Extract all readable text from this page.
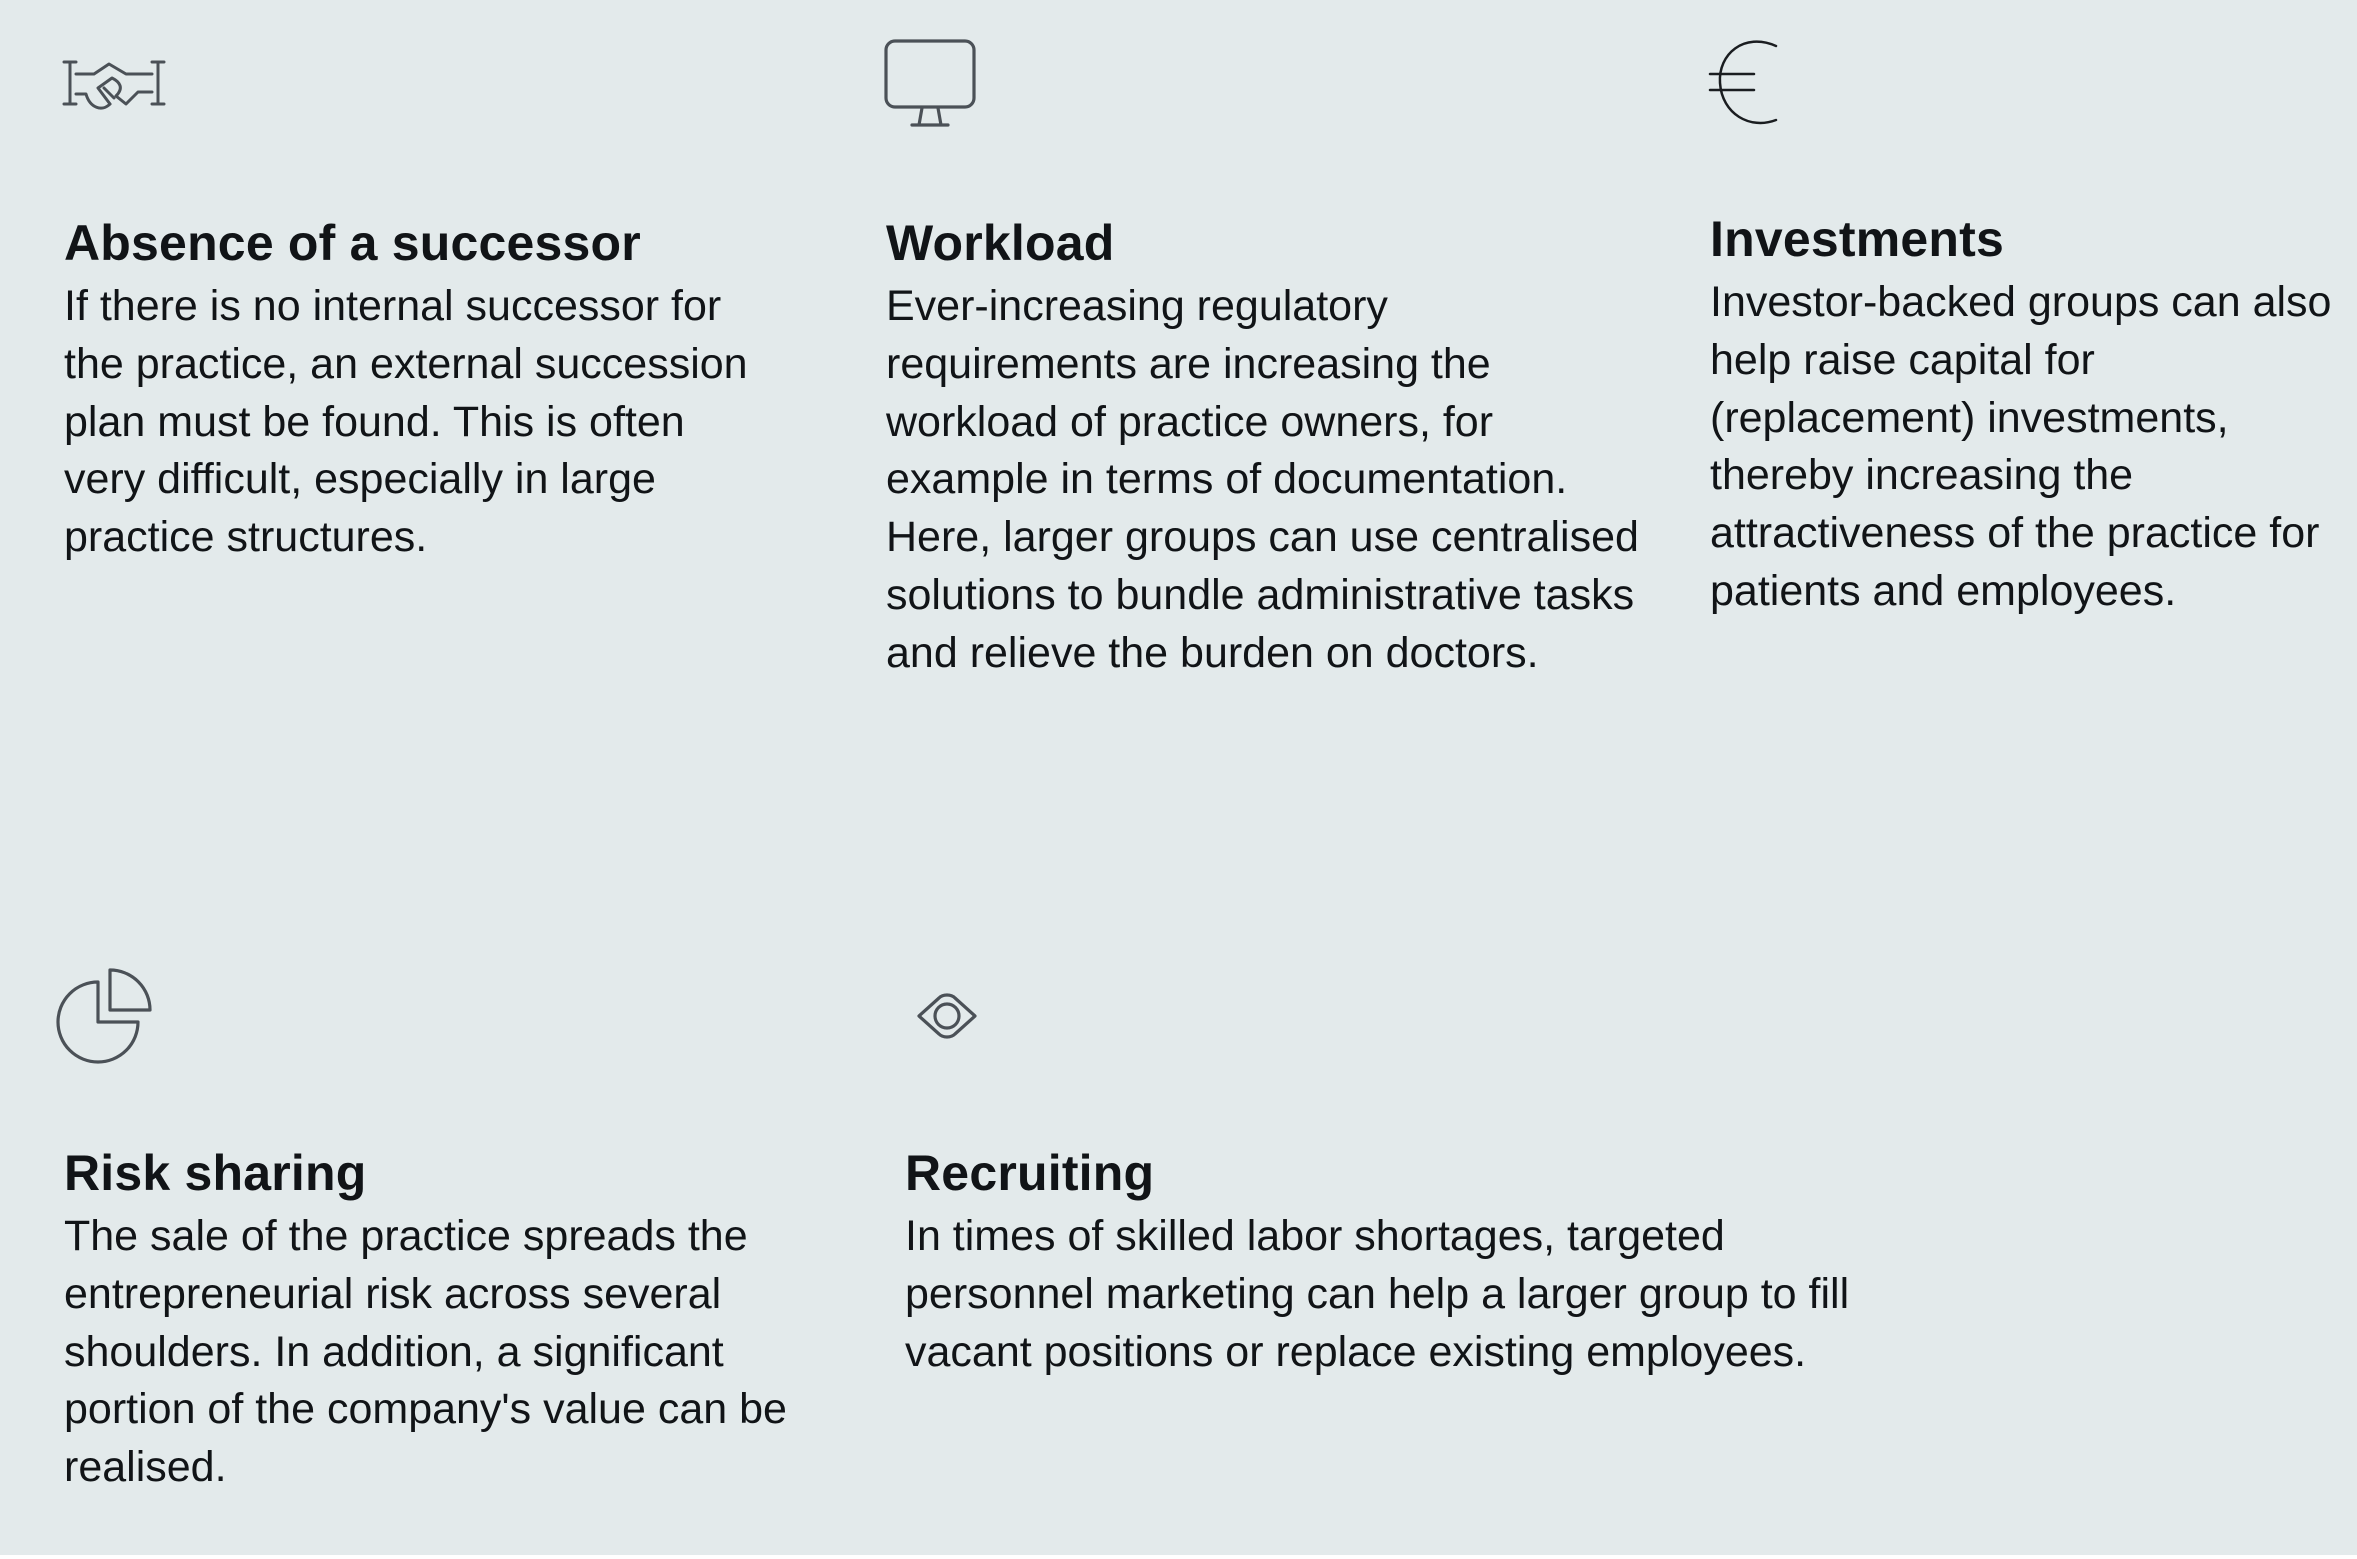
Absence of a successor

If there is no internal successor for the practice, an external succession plan must be found. This is often very difficult, especially in large practice structures.

Workload

Ever-increasing regulatory requirements are increasing the workload of practice owners, for example in terms of documentation. Here, larger groups can use centralised solutions to bundle administrative tasks and relieve the burden on doctors.

Investments

Investor-backed groups can also help raise capital for (replacement) investments, thereby increasing the attractiveness of the practice for patients and employees.

Risk sharing

The sale of the practice spreads the entrepreneurial risk across several shoulders. In addition, a significant portion of the company's value can be realised.

Recruiting

In times of skilled labor shortages, targeted personnel marketing can help a larger group to fill vacant positions or replace existing employees.
